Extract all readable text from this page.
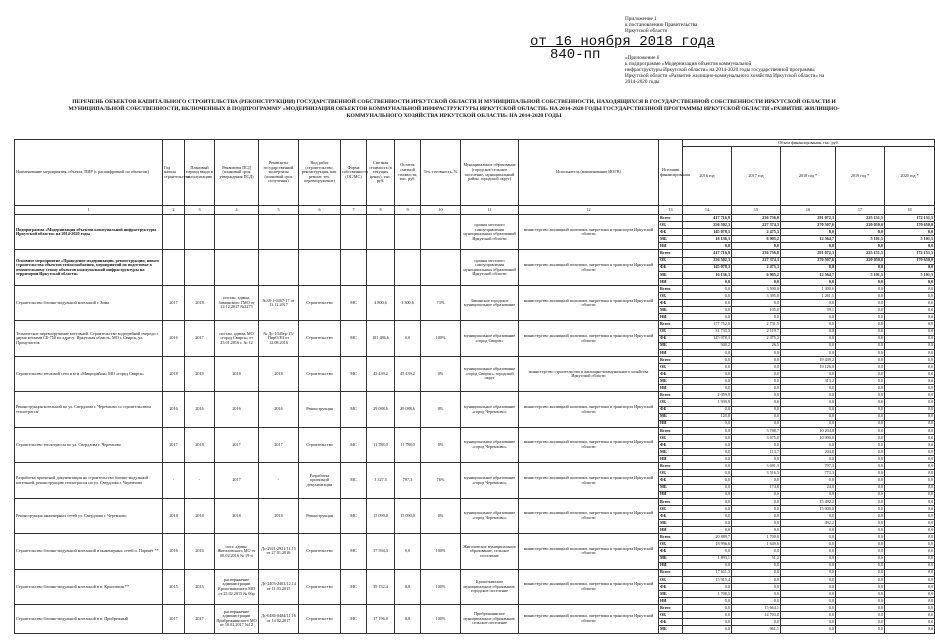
Приложение 1
к постановлению Правительства
Иркутской области
от 16 ноября 2018 года
840-пп	«Приложение 6
к подпрограмме «Модернизация объектов коммунальной
инфраструктуры Иркутской области» на 2014-2020 годы государственной программы
Иркутской области «Развитие жилищно-коммунального хозяйства Иркутской области» на
2014-2020 годы
ПЕРЕЧЕНЬ ОБЪЕКТОВ КАПИТАЛЬНОГО СТРОИТЕЛЬСТВА (РЕКОНСТРУКЦИИ) ГОСУДАРСТВЕННОЙ СОБСТВЕННОСТИ ИРКУТСКОЙ ОБЛАСТИ И МУНИЦИПАЛЬНОЙ СОБСТВЕННОСТИ, НАХОДЯЩИХСЯ В ГОСУДАРСТВЕННОЙ СОБСТВЕННОСТИ ИРКУТСКОЙ ОБЛАСТИ И
МУНИЦИПАЛЬНОЙ СОБСТВЕННОСТИ, ВКЛЮЧЕННЫХ В ПОДПРОГРАММУ «МОДЕРНИЗАЦИЯ ОБЪЕКТОВ КОММУНАЛЬНОЙ ИНФРАСТРУКТУРЫ ИРКУТСКОЙ ОБЛАСТИ» НА 2014-2020 ГОДЫ ГОСУДАРСТВЕННОЙ ПРОГРАММЫ ИРКУТСКОЙ ОБЛАСТИ «РАЗВИТИЕ ЖИЛИЩНО-
КОММУНАЛЬНОГО ХОЗЯЙСТВА ИРКУТСКОЙ ОБЛАСТИ» НА 2014-2020 ГОДЫ
Наименование мероприятия, объекта, ПИР (с расшифровкой по объектам)	Год начала строительства	Плановый период ввода в эксплуатацию	Реквизиты ПСД (плановый срок утверждения ПСД)	Реквизиты государственной экспертизы (плановый срок получения)	Вид работ (строительство, реконструкция, кап. ремонт, тех. перевооружение)	Форма собственности (ОС/МС)	Сметная стоимость (в текущих ценах), тыс. руб.	Остаток сметной стоимости, тыс. руб.	Тех. готовность, %	Муниципальное образование (городское/сельское поселение, муниципальный район, городской округ)	Исполнитель (наименование ИОГВ)	Источник финансирования	Объем финансирования, тыс. руб.				
													2016 год	2017 год	2018 год *	2019 год *	2020 год *
1	2	3	4	5	6	7	8	9	10	11	12	13	14	15	16	17	18
Подпрограмма «Модернизация объектов коммунальной инфраструктуры Иркутской области» на 2014-2020 годы										органы местного самоуправления муниципальных образований Иркутской области	министерство жилищной политики, энергетики и транспорта Иркутской области	Всего	417 716,9	236 756,0	291 072,3	225 151,5	172 151,5
												ОБ	256 502,3	227 374,3	270 507,6	220 050,0	170 650,0
												ФБ	145 078,3	2 475,3	0,0	0,0	0,0
												МБ	16 136,3	6 905,2	12 564,7	5 101,5	5 101,5
												НИ	0,0	0,0	0,0	0,0	0,0
Основное мероприятие «Проведение модернизации, реконструкции, нового строительства объектов теплоснабжения, мероприятий по подготовке к отопительному сезону объектов коммунальной инфраструктуры на территории Иркутской области»										органы местного самоуправления муниципальных образований Иркутской области	министерство жилищной политики, энергетики и транспорта Иркутской области	Всего	417 716,9	236 756,0	291 072,3	225 151,5	172 151,5
												ОБ	256 502,3	227 374,3	270 507,6	220 050,0	170 650,0
												ФБ	145 078,3	2 475,3	0,0	0,0	0,0
												МБ	16 136,3	6 905,2	12 564,7	5 101,5	5 101,5
												НИ	0,0	0,0	0,0	0,0	0,0
Строительство блочно-модульной котельной г. Зима	2017	2018	постан. админ. Зиминского ГМО от 22.12.2017 №2275	№38-1-0467-17 от 13.12.2017	Строительство	МС	4 800,6	1 300,6	73%	Зиминское городское муниципальное образование	министерство жилищной политики, энергетики и транспорта Иркутской области	Всего	0,0	3 500,0	1 300,6	0,0	0,0
												ОБ	0,0	3 395,0	1 261,5	0,0	0,0
												ФБ	0,0	0,0	0,0	0,0	0,0
												МБ	0,0	105,0	39,1	0,0	0,0
												НИ	0,0	0,0	0,0	0,0	0,0
Техническое перевооружение котельной. Строительство водогрейной очереди с двумя котлами СБ-750 по адресу: Иркутская область, МО г. Свирск, ул. Промучасток	2016	2017	постан. админ. МО «город Свирск» от 25.01.2016 г. № 12	№ Дс-1045тр-15/ПирО/ЕЗ от 12.08.2016	Строительство	МС	181 486,6	0,0	100%	муниципальное образование «город Свирск»	министерство жилищной политики, энергетики и транспорта Иркутской области	Всего	177 752,0	2 731,5	0,0	0,0	0,0
												ОБ	31 733,5	2 119,7	0,0	0,0	0,0
												ФБ	145 078,3	2 475,3	0,0	0,0	0,0
												МБ	940,2	26,5	0,0	0,0	0,0
												НИ	0,0	0,0	0,0	0,0	0,0
Строительство тепловой сети в м-н «Микрорайон» МО «город Свирск»	2018	2019	2018	2018	Строительство	МС	45 439,2	45 439,2	0%	муниципальное образование «город Свирск», городской округ	министерство строительства и жилищно-коммунального хозяйства Иркутской области	Всего	0,0	0,0	19 439,2	0,0	0,0
												ОБ	0,0	0,0	19 126,0	0,0	0,0
												ФБ	0,0	0,0	0,0	0,0	0,0
												МБ	0,0	0,0	313,2	0,0	0,0
												НИ	0,0	0,0	0,0	0,0	0,0
Реконструкция котельной по ул. Свердлова г. Черемхово со строительством теплотрассы	2016	2016	2016	2016	Реконструкция	МС	29 088,6	29 088,6	0%	муниципальное образование «город Черемхово»	министерство жилищной политики, энергетики и транспорта Иркутской области	Всего	2 059,9	0,0	0,0	0,0	0,0
												ОБ	1 939,9	0,0	0,0	0,0	0,0
												ФБ	0,0	0,0	0,0	0,0	0,0
												МБ	120,0	0,0	0,0	0,0	0,0
												НИ	0,0	0,0	0,0	0,0	0,0
Строительство теплотрассы по ул. Свердлова г. Черемхово	2017	2018	2017	2017	Строительство	МС	11 788,0	11 788,0	0%	муниципальное образование «город Черемхово»	министерство жилищной политики, энергетики и транспорта Иркутской области	Всего	0,0	3 788,7	10 204,8	0,0	0,0
												ОБ	0,0	3 675,0	10 000,0	0,0	0,0
												ФБ	0,0	0,0	0,0	0,0	0,0
												МБ	0,0	113,7	204,8	0,0	0,0
												НИ	0,0	0,0	0,0	0,0	0,0
Разработка проектной документации на строительство блочно-модульной котельной, реконструкцию теплотрассы по ул. Свердлова г. Черемхово	-	-	2017	-	Разработка проектной документации	МС	3 327,5	797,3	76%	муниципальное образование «город Черемхово»	министерство жилищной политики, энергетики и транспорта Иркутской области	Всего	0,0	3 691,3	797,3	0,0	0,0
												ОБ	0,0	3 516,5	773,3	0,0	0,0
												ФБ	0,0	0,0	0,0	0,0	0,0
												МБ	0,0	174,8	24,0	0,0	0,0
												НИ	0,0	0,0	0,0	0,0	0,0
Реконструкция инженерных сетей ул. Свердлова г. Черемхово	2018	2018	2018	2018	Реконструкция	МС	15 090,0	15 090,0	0%	муниципальное образование «город Черемхово»	министерство жилищной политики, энергетики и транспорта Иркутской области	Всего	0,0	0,0	15 492,2	0,0	0,0
												ОБ	0,0	0,0	15 000,0	0,0	0,0
												ФБ	0,0	0,0	0,0	0,0	0,0
												МБ	0,0	0,0	492,2	0,0	0,0
												НИ	0,0	0,0	0,0	0,0	0,0
Строительство блочно-модульной котельной и инженерных сетей п. Паренёт **	2016	2016	пост. админ. Жигаловского МО от 08.02.2016 № 19-п	Дс-2921-2921/11.15 от 27.01.2016	Строительство	МС	37 594,3	0,0	100%	Жигаловское муниципальное образование, сельское поселение	министерство жилищной политики, энергетики и транспорта Иркутской области	Всего	20 889,7	1 700,8	0,0	0,0	0,0
												ОБ	18 996,6	1 649,6	0,0	0,0	0,0
												ФБ	0,0	0,0	0,0	0,0	0,0
												МБ	1 893,1	51,2	0,0	0,0	0,0
												НИ	0,0	0,0	0,0	0,0	0,0
Строительство блочно-модульной котельной в п. Кропоткин **	2015	2015	распоряжение администрации Кропоткинского МО от 25.02.2015 № 06р	Дс-2403-2403/12.14 от 11.03.2015	Строительство	МС	39 152,4	0,0	100%	Кропоткинское муниципальное образование, городское поселение	министерство жилищной политики, энергетики и транспорта Иркутской области	Всего	17 611,3	0,0	0,0	0,0	0,0
												ОБ	15 915,4	0,0	0,0	0,0	0,0
												ФБ	0,0	0,0	0,0	0,0	0,0
												МБ	1 708,5	0,0	0,0	0,0	0,0
												НИ	0,0	0,0	0,0	0,0	0,0
Строительство блочно-модульной котельной в п. Прибрежный	2017	2017	распоряжение администрации Прибрежнинского МО от 10.02.2017 №12	Дс-0484-0484/11.16 от 14.02.2017	Строительство	МС	17 196,0	0,0	100%	Прибрежнинское муниципальное образование, сельское поселение	министерство жилищной политики, энергетики и транспорта Иркутской области	Всего	0,0	15 664,1	0,0	0,0	0,0
												ОБ	0,0	14 703,0	0,0	0,0	0,0
												ФБ	0,0	0,0	0,0	0,0	0,0
												МБ	0,0	961,1	0,0	0,0	0,0
